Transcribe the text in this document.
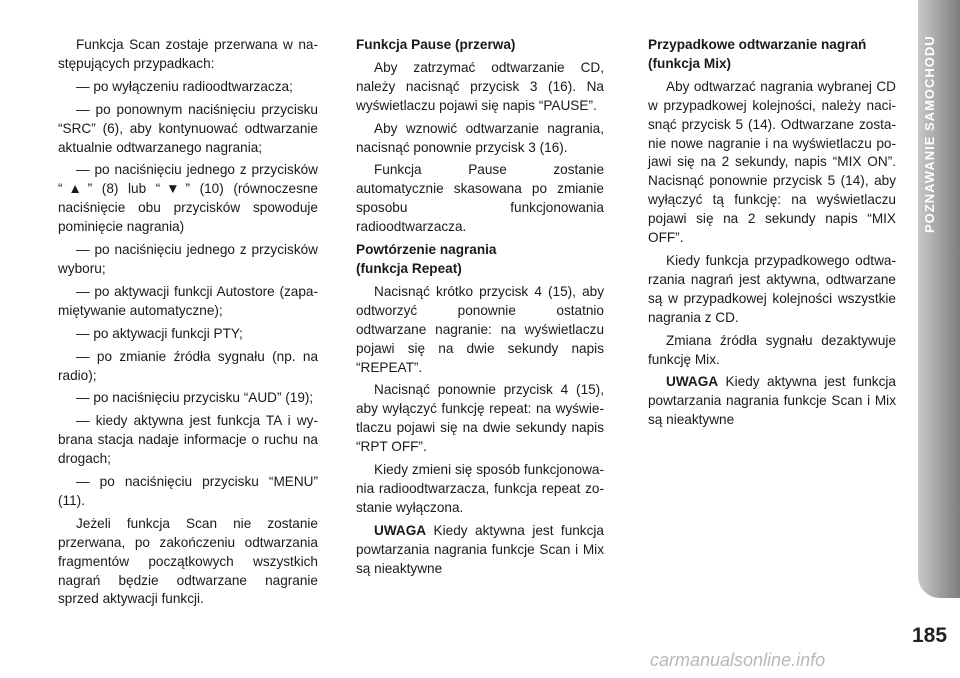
Funkcja Scan zostaje przerwana w następujących przypadkach:

— po wyłączeniu radioodtwarzacza;

— po ponownym naciśnięciu przycisku “SRC” (6), aby kontynuować odtwarzanie aktualnie odtwarzanego nagrania;

— po naciśnięciu jednego z przycisków “▲” (8) lub “▼” (10) (równoczesne naciśnięcie obu przycisków spowoduje pominięcie nagrania)

— po naciśnięciu jednego z przycisków wyboru;

— po aktywacji funkcji Autostore (zapamiętywanie automatyczne);

— po aktywacji funkcji PTY;

— po zmianie źródła sygnału (np. na radio);

— po naciśnięciu przycisku “AUD” (19);

— kiedy aktywna jest funkcja TA i wybrana stacja nadaje informacje o ruchu na drogach;

— po naciśnięciu przycisku “MENU” (11).

Jeżeli funkcja Scan nie zostanie przerwana, po zakończeniu odtwarzania fragmentów początkowych wszystkich nagrań będzie odtwarzane nagranie sprzed aktywacji funkcji.

Funkcja Pause (przerwa)

Aby zatrzymać odtwarzanie CD, należy nacisnąć przycisk 3 (16). Na wyświetlaczu pojawi się napis “PAUSE”.

Aby wznowić odtwarzanie nagrania, nacisnąć ponownie przycisk 3 (16).

Funkcja Pause zostanie automatycznie skasowana po zmianie sposobu funkcjonowania radioodtwarzacza.

Powtórzenie nagrania

(funkcja Repeat)

Nacisnąć krótko przycisk 4 (15), aby odtworzyć ponownie ostatnio odtwarzane nagranie: na wyświetlaczu pojawi się na dwie sekundy napis “REPEAT”.

Nacisnąć ponownie przycisk 4 (15), aby wyłączyć funkcję repeat: na wyświetlaczu pojawi się na dwie sekundy napis “RPT OFF”.

Kiedy zmieni się sposób funkcjonowania radioodtwarzacza, funkcja repeat zostanie wyłączona.

UWAGA Kiedy aktywna jest funkcja powtarzania nagrania funkcje Scan i Mix są nieaktywne

Przypadkowe odtwarzanie nagrań

(funkcja Mix)

Aby odtwarzać nagrania wybranej CD w przypadkowej kolejności, należy nacisnąć przycisk 5 (14). Odtwarzane zostanie nowe nagranie i na wyświetlaczu pojawi się na 2 sekundy, napis “MIX ON”. Nacisnąć ponownie przycisk 5 (14), aby wyłączyć tą funkcję: na wyświetlaczu pojawi się na 2 sekundy napis “MIX OFF”.

Kiedy funkcja przypadkowego odtwarzania nagrań jest aktywna, odtwarzane są w przypadkowej kolejności wszystkie nagrania z CD.

Zmiana źródła sygnału dezaktywuje funkcję Mix.

UWAGA Kiedy aktywna jest funkcja powtarzania nagrania funkcje Scan i Mix są nieaktywne

POZNAWANIE SAMOCHODU
185
carmanualsonline.info
